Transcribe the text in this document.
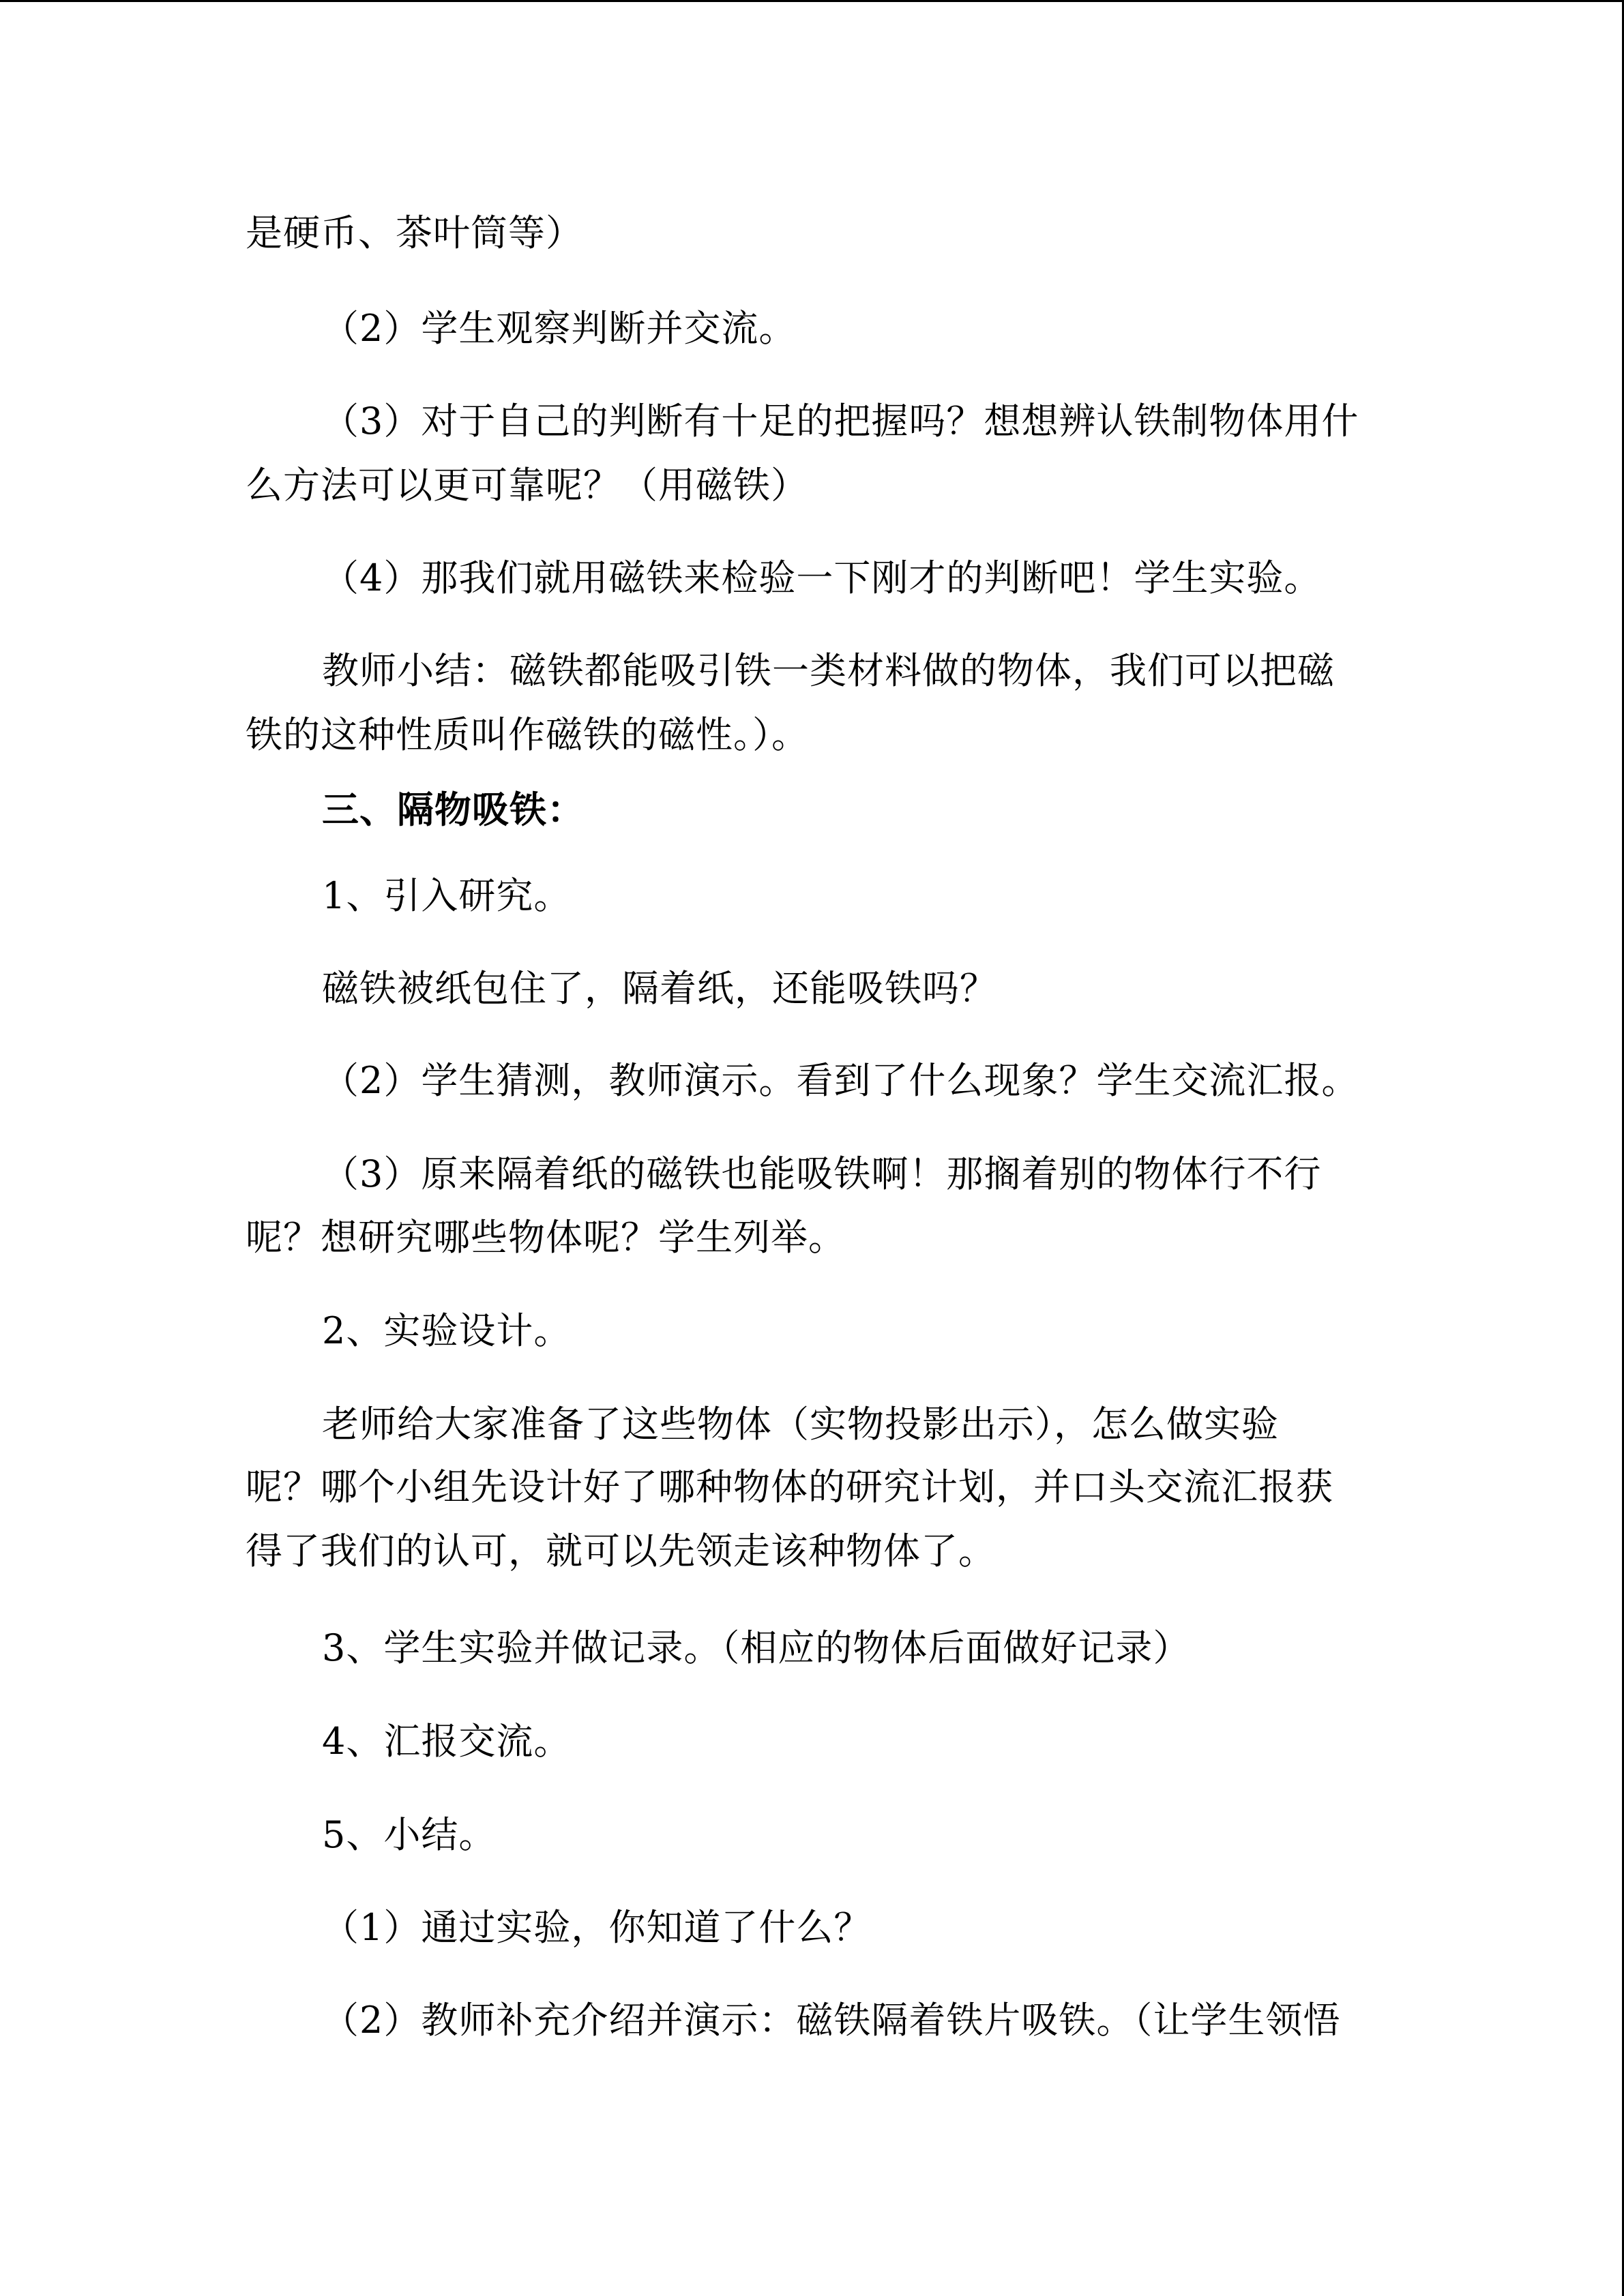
是硬币、茶叶筒等）
（2）学生观察判断并交流。
（3）对于自己的判断有十足的把握吗？想想辨认铁制物体用什
么方法可以更可靠呢？（用磁铁）
（4）那我们就用磁铁来检验一下刚才的判断吧！学生实验。
教师小结：磁铁都能吸引铁一类材料做的物体，我们可以把磁
铁的这种性质叫作磁铁的磁性。）。
三、隔物吸铁：
1、引入研究。
磁铁被纸包住了，隔着纸，还能吸铁吗？
（2）学生猜测，教师演示。看到了什么现象？学生交流汇报。
（3）原来隔着纸的磁铁也能吸铁啊！那搁着别的物体行不行
呢？想研究哪些物体呢？学生列举。
2、实验设计。
老师给大家准备了这些物体（实物投影出示），怎么做实验
呢？哪个小组先设计好了哪种物体的研究计划，并口头交流汇报获
得了我们的认可，就可以先领走该种物体了。
3、学生实验并做记录。（相应的物体后面做好记录）
4、汇报交流。
5、小结。
（1）通过实验，你知道了什么？
（2）教师补充介绍并演示：磁铁隔着铁片吸铁。（让学生领悟
